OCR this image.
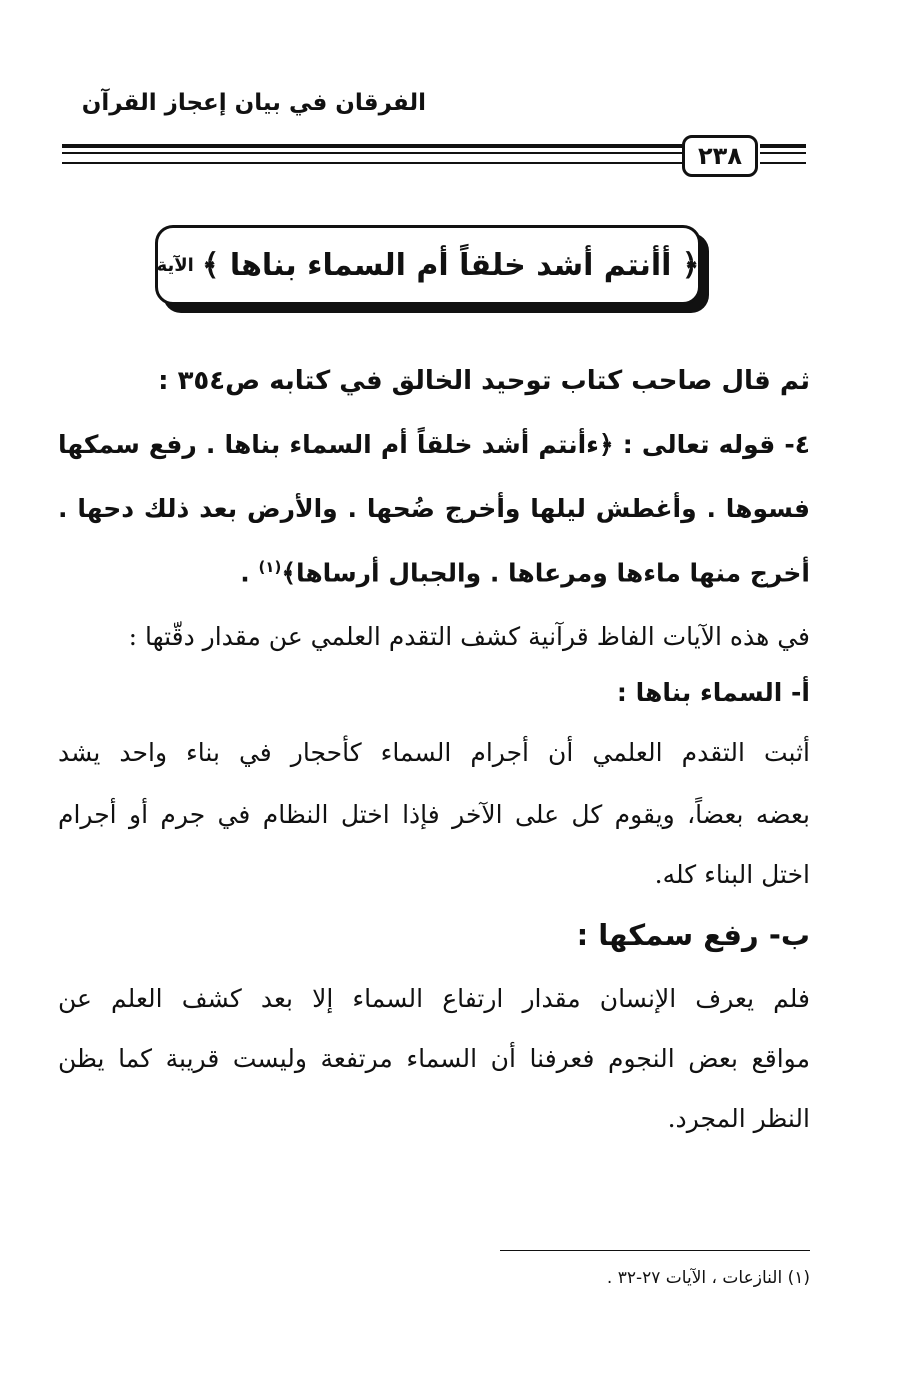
الفرقان في بيان إعجاز القرآن
٢٣٨
﴿ أأنتم أشد خلقاً أم السماء بناها ﴾
الآية
ثم قال صاحب كتاب توحيد الخالق في كتابه ص٣٥٤ :
٤- قوله تعالى : ﴿ءأنتم أشد خلقاً أم السماء بناها . رفع سمكها
فسوها . وأغطش ليلها وأخرج ضُحها . والأرض بعد ذلك دحها .
أخرج منها ماءها ومرعاها . والجبال أرساها﴾$^{(١)}$ .
في هذه الآيات الفاظ قرآنية كشف التقدم العلمي عن مقدار دقّتها :
أ- السماء بناها :
أثبت التقدم العلمي أن أجرام السماء كأحجار في بناء واحد يشد
بعضه بعضاً، ويقوم كل على الآخر فإذا اختل النظام في جرم أو أجرام
اختل البناء كله.
ب- رفع سمكها :
فلم يعرف الإنسان مقدار ارتفاع السماء إلا بعد كشف العلم عن
مواقع بعض النجوم فعرفنا أن السماء مرتفعة وليست قريبة كما يظن
النظر المجرد.
(١) النازعات ، الآيات ٢٧-٣٢ .
